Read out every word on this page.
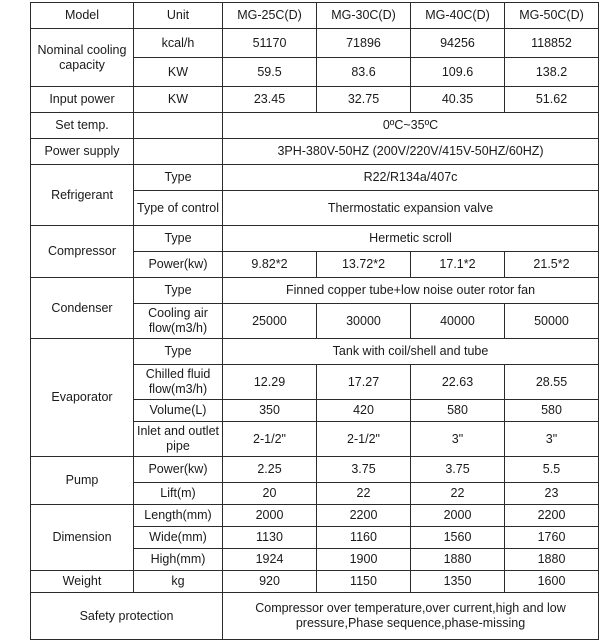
Model	Unit	MG-25C(D)	MG-30C(D)	MG-40C(D)	MG-50C(D)
Nominal cooling capacity	kcal/h	51170	71896	94256	118852
	KW	59.5	83.6	109.6	138.2
Input power	KW	23.45	32.75	40.35	51.62
Set temp.		0ºC~35ºC			
Power supply		3PH-380V-50HZ (200V/220V/415V-50HZ/60HZ)			
Refrigerant	Type	R22/R134a/407c			
	Type of control	Thermostatic expansion valve			
Compressor	Type	Hermetic scroll			
	Power(kw)	9.82*2	13.72*2	17.1*2	21.5*2
Condenser	Type	Finned copper tube+low noise outer rotor fan			
	Cooling air flow(m3/h)	25000	30000	40000	50000
Evaporator	Type	Tank with coil/shell and tube			
	Chilled fluid flow(m3/h)	12.29	17.27	22.63	28.55
	Volume(L)	350	420	580	580
	Inlet and outlet pipe	2-1/2"	2-1/2"	3"	3"
Pump	Power(kw)	2.25	3.75	3.75	5.5
	Lift(m)	20	22	22	23
Dimension	Length(mm)	2000	2200	2000	2200
	Wide(mm)	1130	1160	1560	1760
	High(mm)	1924	1900	1880	1880
Weight	kg	920	1150	1350	1600
Safety protection		Compressor over temperature,over current,high and low pressure,Phase sequence,phase-missing			
